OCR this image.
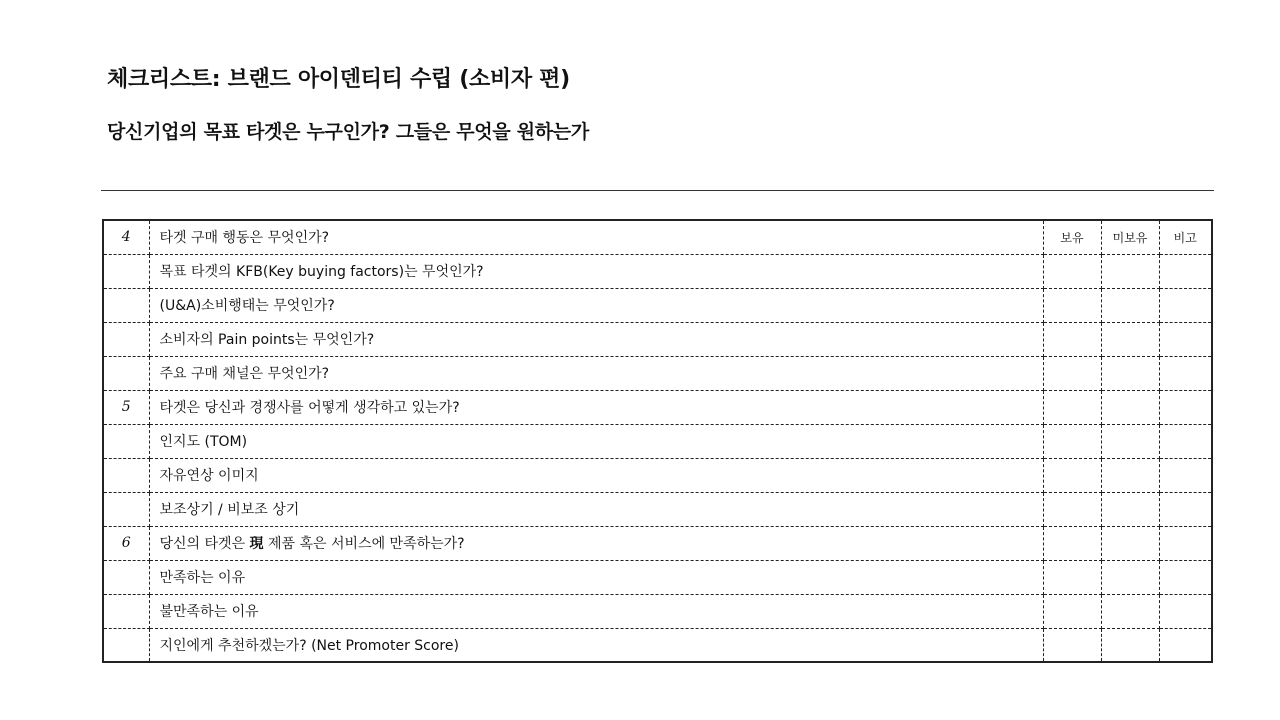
체크리스트: 브랜드 아이덴티티 수립 (소비자 편)
당신기업의 목표 타겟은 누구인가? 그들은 무엇을 원하는가
4	타겟 구매 행동은 무엇인가?	보유	미보유	비고
	목표 타겟의 KFB(Key buying factors)는 무엇인가?			
	(U&A)소비행태는 무엇인가?			
	소비자의 Pain points는 무엇인가?			
	주요 구매 채널은 무엇인가?			
5	타겟은 당신과 경쟁사를 어떻게 생각하고 있는가?			
	인지도 (TOM)			
	자유연상 이미지			
	보조상기 / 비보조 상기			
6	당신의 타겟은 現 제품 혹은 서비스에 만족하는가?			
	만족하는 이유			
	불만족하는 이유			
	지인에게 추천하겠는가? (Net Promoter Score)			
